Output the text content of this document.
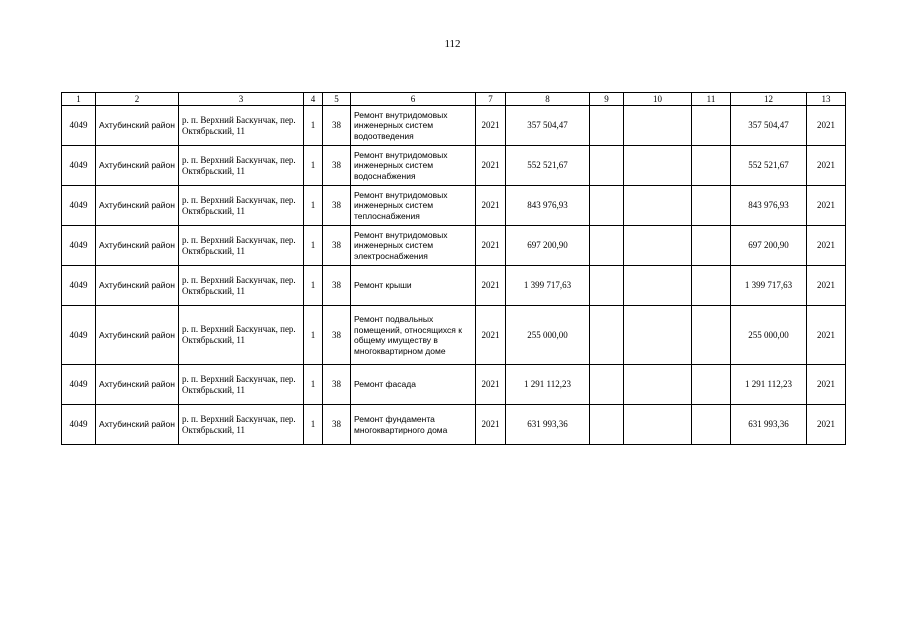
112
1	2	3	4	5	6	7	8	9	10	11	12	13
4049	Ахтубинский район	р. п. Верхний Баскунчак, пер. Октябрьский, 11	1	38	Ремонт внутридомовых инженерных систем водоотведения	2021	357 504,47				357 504,47	2021
4049	Ахтубинский район	р. п. Верхний Баскунчак, пер. Октябрьский, 11	1	38	Ремонт внутридомовых инженерных систем водоснабжения	2021	552 521,67				552 521,67	2021
4049	Ахтубинский район	р. п. Верхний Баскунчак, пер. Октябрьский, 11	1	38	Ремонт внутридомовых инженерных систем теплоснабжения	2021	843 976,93				843 976,93	2021
4049	Ахтубинский район	р. п. Верхний Баскунчак, пер. Октябрьский, 11	1	38	Ремонт внутридомовых инженерных систем электроснабжения	2021	697 200,90				697 200,90	2021
4049	Ахтубинский район	р. п. Верхний Баскунчак, пер. Октябрьский, 11	1	38	Ремонт крыши	2021	1 399 717,63				1 399 717,63	2021
4049	Ахтубинский район	р. п. Верхний Баскунчак, пер. Октябрьский, 11	1	38	Ремонт подвальных помещений, относящихся к общему имуществу в многоквартирном доме	2021	255 000,00				255 000,00	2021
4049	Ахтубинский район	р. п. Верхний Баскунчак, пер. Октябрьский, 11	1	38	Ремонт фасада	2021	1 291 112,23				1 291 112,23	2021
4049	Ахтубинский район	р. п. Верхний Баскунчак, пер. Октябрьский, 11	1	38	Ремонт фундамента многоквартирного дома	2021	631 993,36				631 993,36	2021
